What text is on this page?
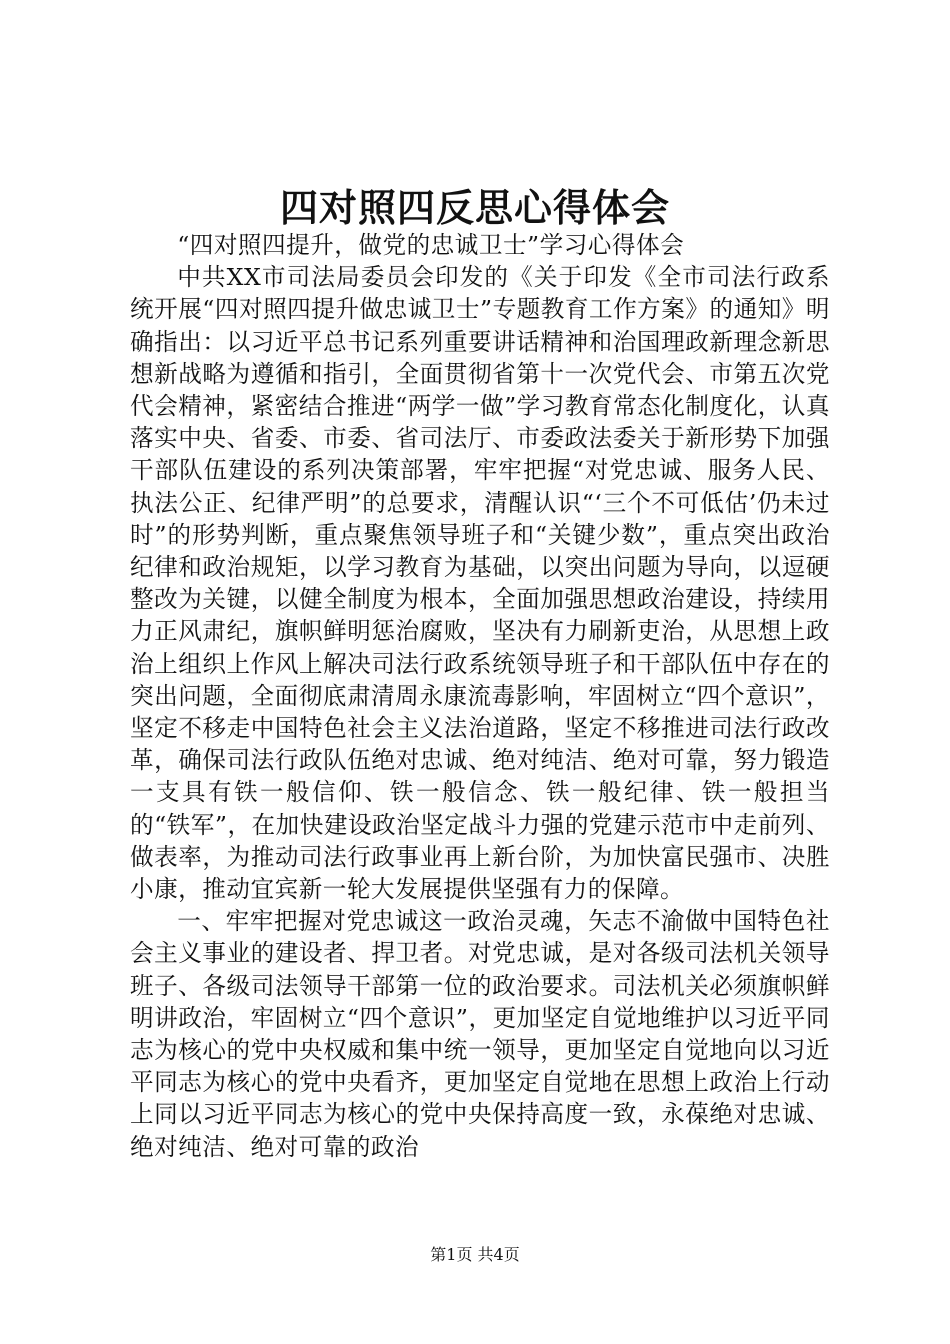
四对照四反思心得体会

“四对照四提升，做党的忠诚卫士”学习心得体会

中共XX市司法局委员会印发的《关于印发《全市司法行政系统开展“四对照四提升做忠诚卫士”专题教育工作方案》的通知》明确指出：以习近平总书记系列重要讲话精神和治国理政新理念新思想新战略为遵循和指引，全面贯彻省第十一次党代会、市第五次党代会精神，紧密结合推进“两学一做”学习教育常态化制度化，认真落实中央、省委、市委、省司法厅、市委政法委关于新形势下加强干部队伍建设的系列决策部署，牢牢把握“对党忠诚、服务人民、执法公正、纪律严明”的总要求，清醒认识“‘三个不可低估’仍未过时”的形势判断，重点聚焦领导班子和“关键少数”，重点突出政治纪律和政治规矩，以学习教育为基础，以突出问题为导向，以逗硬整改为关键，以健全制度为根本，全面加强思想政治建设，持续用力正风肃纪，旗帜鲜明惩治腐败，坚决有力刷新吏治，从思想上政治上组织上作风上解决司法行政系统领导班子和干部队伍中存在的突出问题，全面彻底肃清周永康流毒影响，牢固树立“四个意识”，坚定不移走中国特色社会主义法治道路，坚定不移推进司法行政改革，确保司法行政队伍绝对忠诚、绝对纯洁、绝对可靠，努力锻造一支具有铁一般信仰、铁一般信念、铁一般纪律、铁一般担当的“铁军”，在加快建设政治坚定战斗力强的党建示范市中走前列、做表率，为推动司法行政事业再上新台阶，为加快富民强市、决胜小康，推动宜宾新一轮大发展提供坚强有力的保障。

一、牢牢把握对党忠诚这一政治灵魂，矢志不渝做中国特色社会主义事业的建设者、捍卫者。对党忠诚，是对各级司法机关领导班子、各级司法领导干部第一位的政治要求。司法机关必须旗帜鲜明讲政治，牢固树立“四个意识”，更加坚定自觉地维护以习近平同志为核心的党中央权威和集中统一领导，更加坚定自觉地向以习近平同志为核心的党中央看齐，更加坚定自觉地在思想上政治上行动上同以习近平同志为核心的党中央保持高度一致，永葆绝对忠诚、绝对纯洁、绝对可靠的政治

第1页 共4页
